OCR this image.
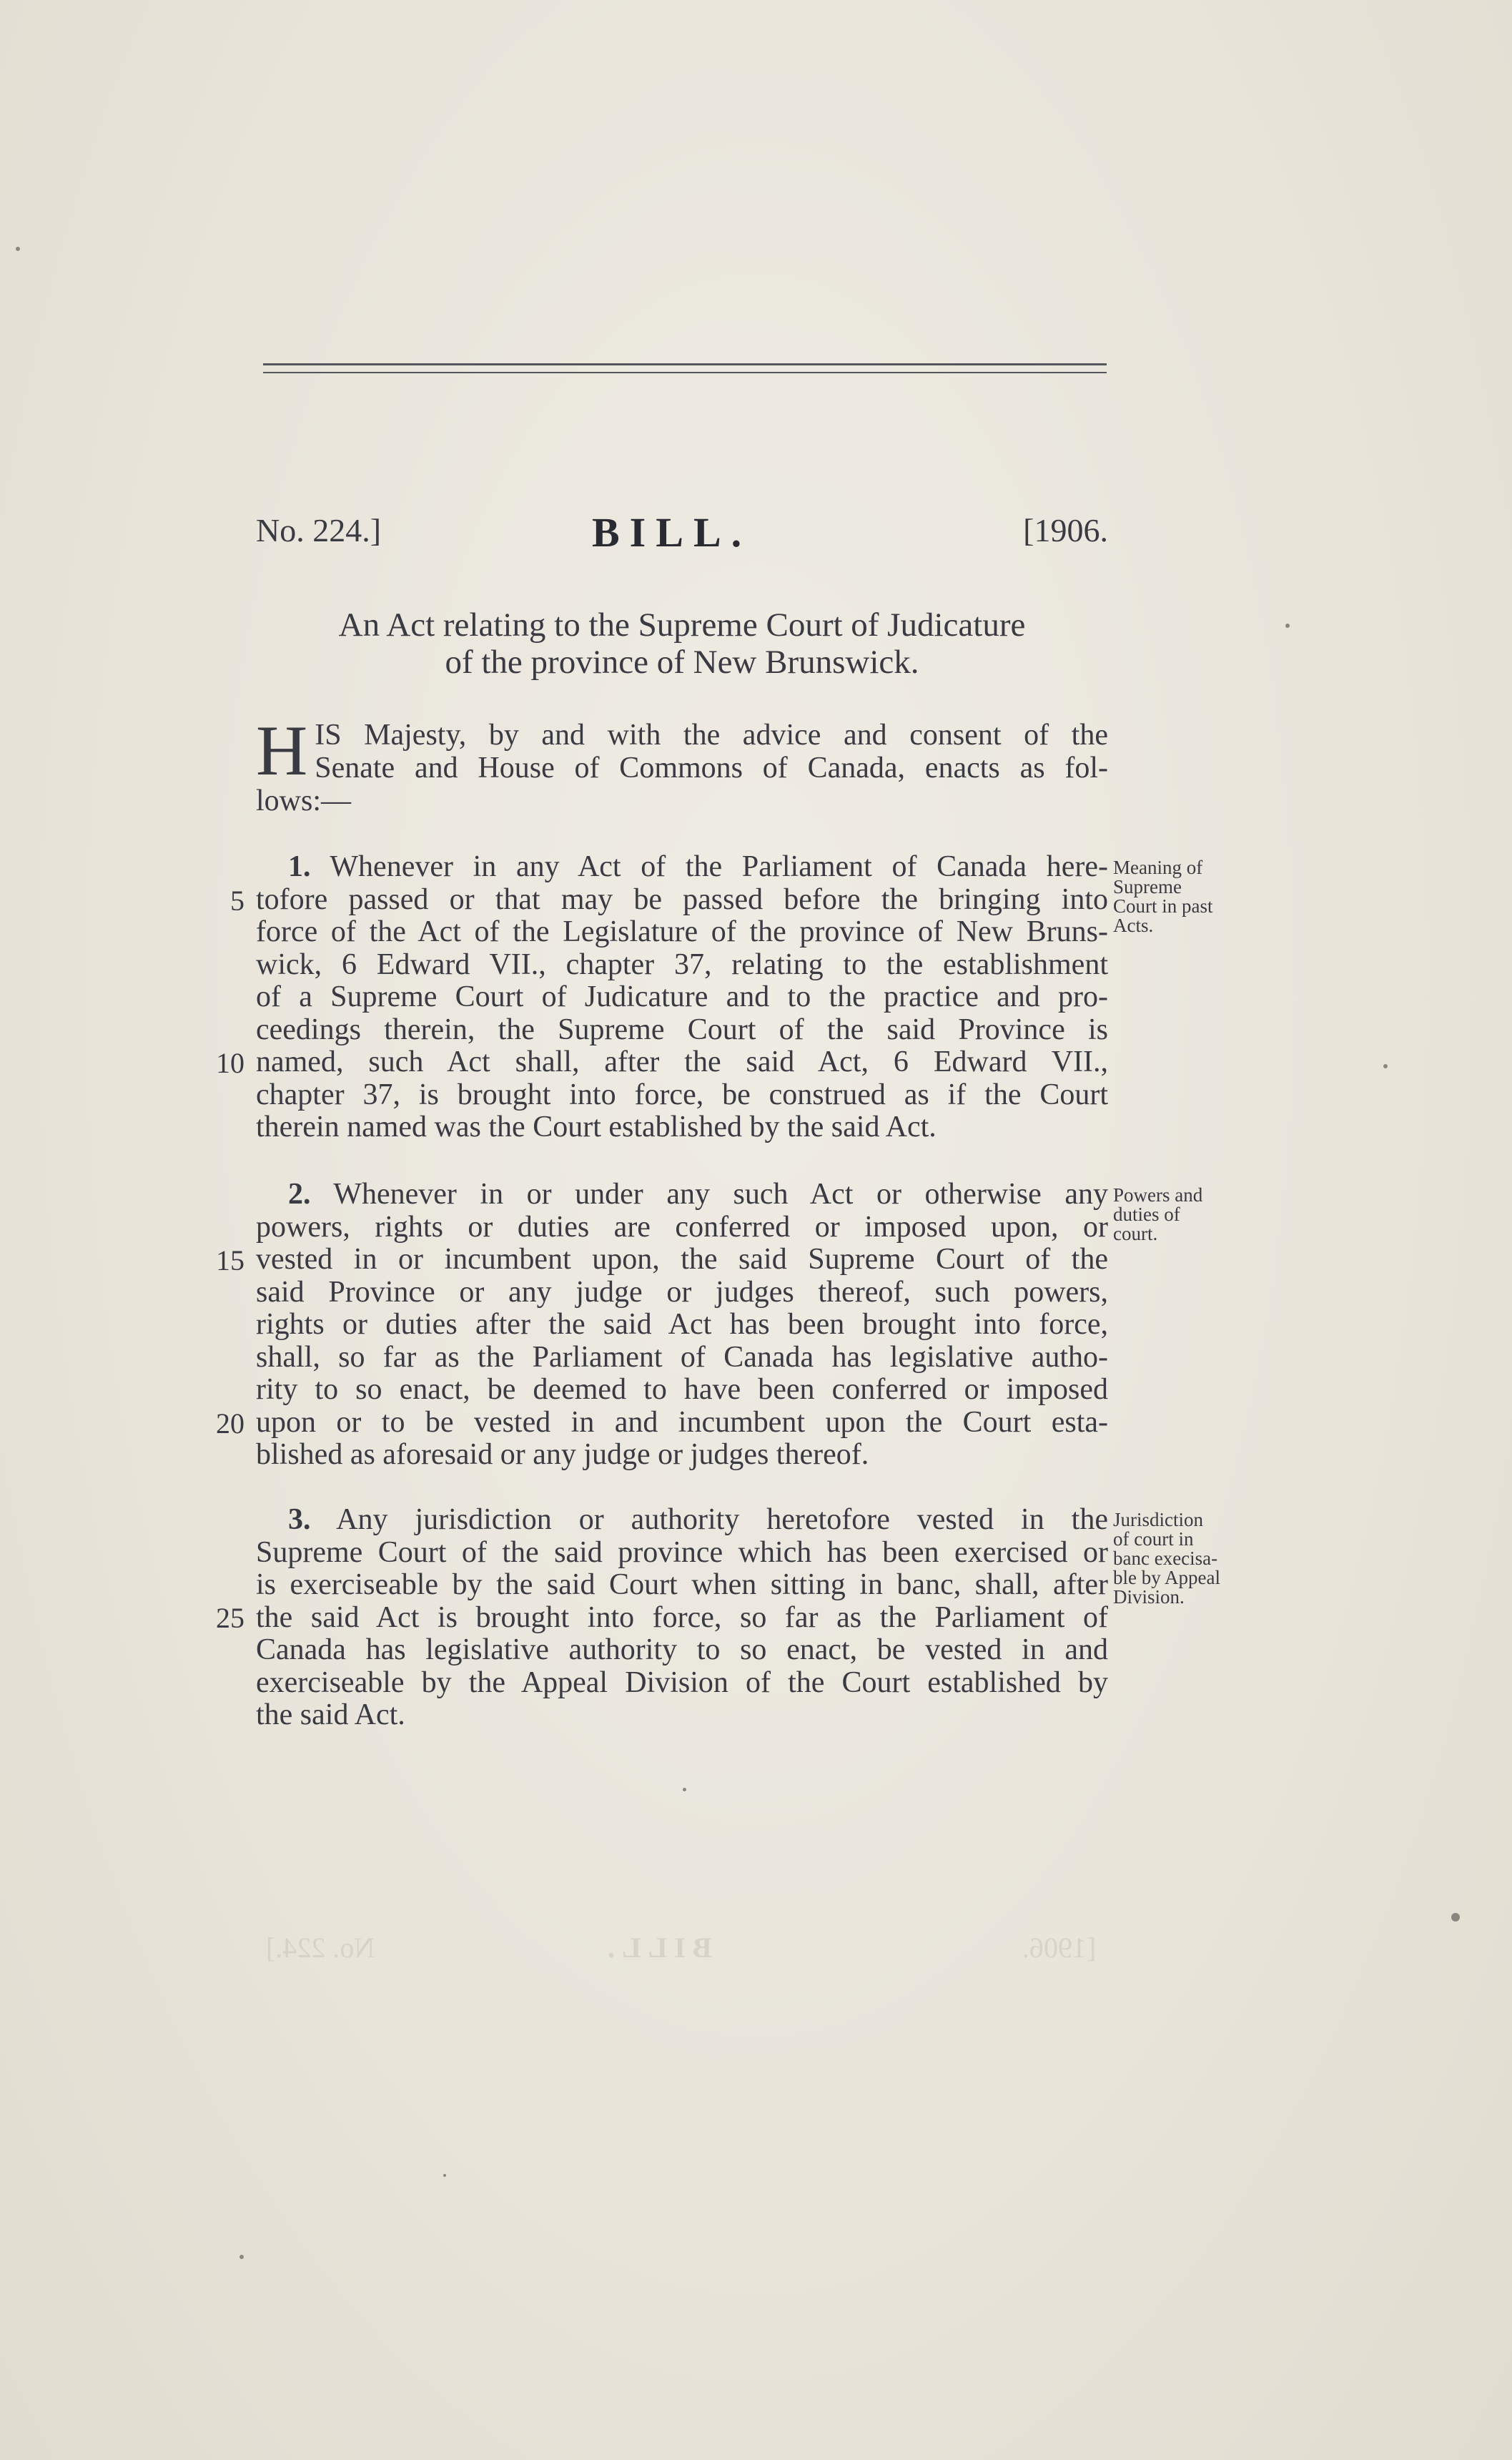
No. 224.]	BILL.	[1906.
An Act relating to the Supreme Court of Judicature
of the province of New Brunswick.
H IS Majesty, by and with the advice and consent of the
Senate and House of Commons of Canada, enacts as fol-
lows:—
1. Whenever in any Act of the Parliament of Canada here-
tofore passed or that may be passed before the bringing into
force of the Act of the Legislature of the province of New Bruns-
wick, 6 Edward VII., chapter 37, relating to the establishment
of a Supreme Court of Judicature and to the practice and pro-
ceedings therein, the Supreme Court of the said Province is
named, such Act shall, after the said Act, 6 Edward VII.,
chapter 37, is brought into force, be construed as if the Court
therein named was the Court established by the said Act.
Meaning of
Supreme
Court in past
Acts.
2. Whenever in or under any such Act or otherwise any
powers, rights or duties are conferred or imposed upon, or
vested in or incumbent upon, the said Supreme Court of the
said Province or any judge or judges thereof, such powers,
rights or duties after the said Act has been brought into force,
shall, so far as the Parliament of Canada has legislative autho-
rity to so enact, be deemed to have been conferred or imposed
upon or to be vested in and incumbent upon the Court esta-
blished as aforesaid or any judge or judges thereof.
Powers and
duties of
court.
3. Any jurisdiction or authority heretofore vested in the
Supreme Court of the said province which has been exercised or
is exerciseable by the said Court when sitting in banc, shall, after
the said Act is brought into force, so far as the Parliament of
Canada has legislative authority to so enact, be vested in and
exerciseable by the Appeal Division of the Court established by
the said Act.
Jurisdiction
of court in
banc execisa-
ble by Appeal
Division.
5
10
15
20
25
No. 224.]	BILL.	[1906.
